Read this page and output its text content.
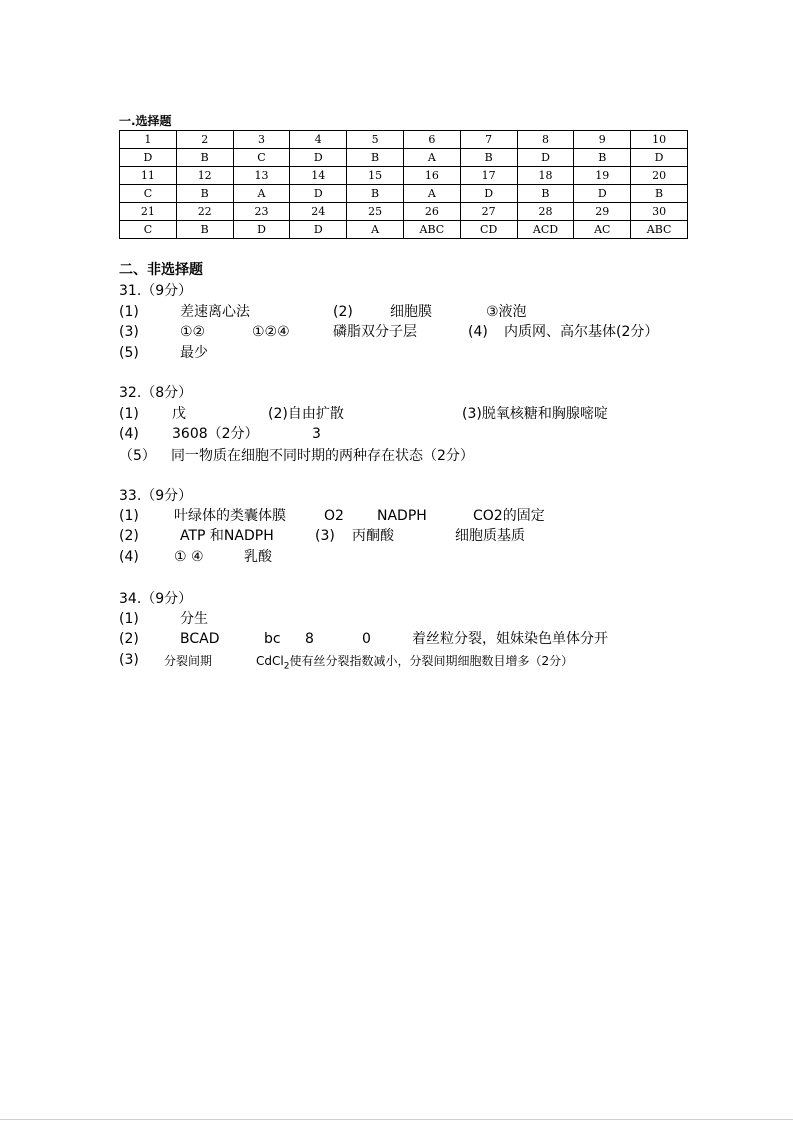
一.选择题
1	2	3	4	5	6	7	8	9	10
D	B	C	D	B	A	B	D	B	D
11	12	13	14	15	16	17	18	19	20
C	B	A	D	B	A	D	B	D	B
21	22	23	24	25	26	27	28	29	30
C	B	D	D	A	ABC	CD	ACD	AC	ABC
二、非选择题
31.（9分）
(1)	差速离心法	(2)	细胞膜	③液泡
(3)	①②	①②④	磷脂双分子层	(4) 内质网、高尔基体(2分）
(5)	最少
32.（8分）
(1) 戊	(2)自由扩散	(3)脱氧核糖和胸腺嘧啶
(4) 3608（2分）	3
（5） 同一物质在细胞不同时期的两种存在状态（2分）
33.（9分）
(1)	叶绿体的类囊体膜	O2 NADPH	CO2的固定
(2)	ATP 和NADPH	(3) 丙酮酸	细胞质基质
(4)	① ④	乳酸
34.（9分）
(1)	分生
(2)	BCAD	bc 8	0	着丝粒分裂，姐妹染色单体分开
(3) 分裂间期	CdCl$_2$使有丝分裂指数减小，分裂间期细胞数目增多（2分）
